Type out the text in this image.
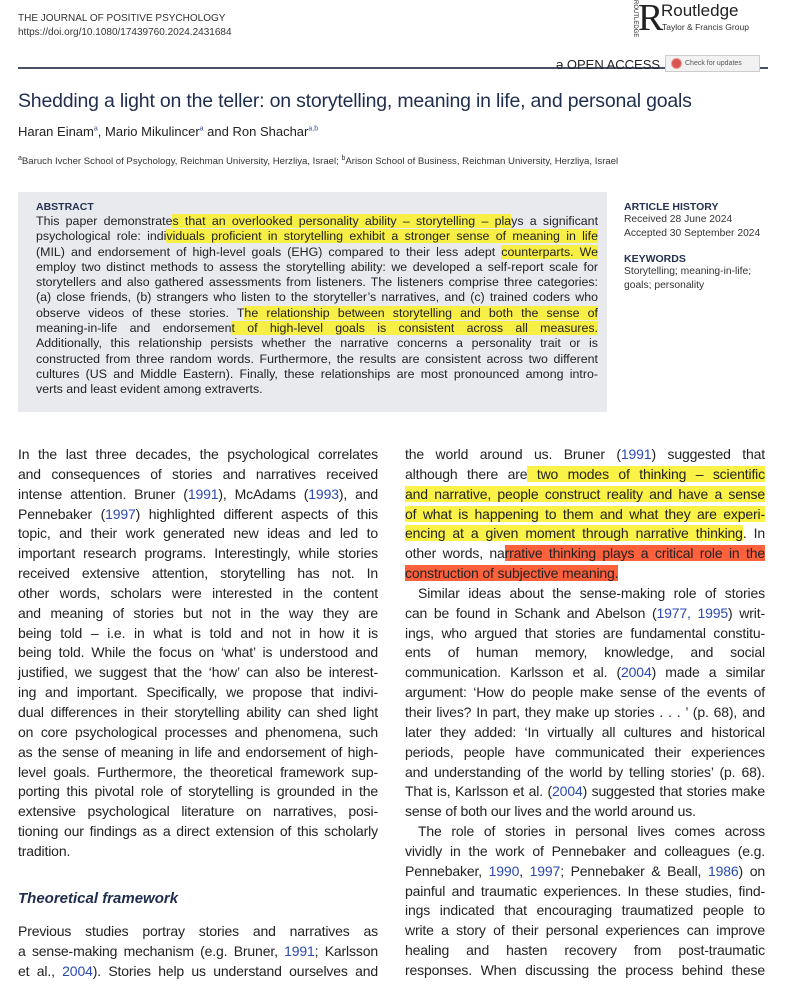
THE JOURNAL OF POSITIVE PSYCHOLOGY
https://doi.org/10.1080/17439760.2024.2431684	ROUTLEDGE R
Routledge
Taylor & Francis Group
ə OPEN ACCESS	Check for updates
Shedding a light on the teller: on storytelling, meaning in life, and personal goals
Haran Einam$^a$, Mario Mikulincer$^a$ and Ron Shachar$^{a,b}$
$^a$Baruch Ivcher School of Psychology, Reichman University, Herzliya, Israel; $^b$Arison School of Business, Reichman University, Herzliya, Israel
ABSTRACT
This paper demonstrates that an overlooked personality ability – storytelling – plays a significant
psychological role: individuals proficient in storytelling exhibit a stronger sense of meaning in life
(MIL) and endorsement of high-level goals (EHG) compared to their less adept counterparts. We
employ two distinct methods to assess the storytelling ability: we developed a self-report scale for
storytellers and also gathered assessments from listeners. The listeners comprise three categories:
(a) close friends, (b) strangers who listen to the storyteller’s narratives, and (c) trained coders who
observe videos of these stories. The relationship between storytelling and both the sense of
meaning-in-life and endorsement of high-level goals is consistent across all measures.
Additionally, this relationship persists whether the narrative concerns a personality trait or is
constructed from three random words. Furthermore, the results are consistent across two different
cultures (US and Middle Eastern). Finally, these relationships are most pronounced among intro-
verts and least evident among extraverts.
ARTICLE HISTORY
Received 28 June 2024
Accepted 30 September 2024
KEYWORDS
Storytelling; meaning-in-life;
goals; personality
In the last three decades, the psychological correlates
and consequences of stories and narratives received
intense attention. Bruner (1991), McAdams (1993), and
Pennebaker (1997) highlighted different aspects of this
topic, and their work generated new ideas and led to
important research programs. Interestingly, while stories
received extensive attention, storytelling has not. In
other words, scholars were interested in the content
and meaning of stories but not in the way they are
being told – i.e. in what is told and not in how it is
being told. While the focus on ‘what’ is understood and
justified, we suggest that the ‘how’ can also be interest-
ing and important. Specifically, we propose that indivi-
dual differences in their storytelling ability can shed light
on core psychological processes and phenomena, such
as the sense of meaning in life and endorsement of high-
level goals. Furthermore, the theoretical framework sup-
porting this pivotal role of storytelling is grounded in the
extensive psychological literature on narratives, posi-
tioning our findings as a direct extension of this scholarly
tradition.
Theoretical framework
Previous studies portray stories and narratives as
a sense-making mechanism (e.g. Bruner, 1991; Karlsson
et al., 2004). Stories help us understand ourselves and
the world around us. Bruner (1991) suggested that
although there are two modes of thinking – scientific
and narrative, people construct reality and have a sense
of what is happening to them and what they are experi-
encing at a given moment through narrative thinking. In
other words, narrative thinking plays a critical role in the
construction of subjective meaning.
Similar ideas about the sense-making role of stories
can be found in Schank and Abelson (1977, 1995) writ-
ings, who argued that stories are fundamental constitu-
ents of human memory, knowledge, and social
communication. Karlsson et al. (2004) made a similar
argument: ‘How do people make sense of the events of
their lives? In part, they make up stories . . . ’ (p. 68), and
later they added: ‘In virtually all cultures and historical
periods, people have communicated their experiences
and understanding of the world by telling stories’ (p. 68).
That is, Karlsson et al. (2004) suggested that stories make
sense of both our lives and the world around us.
The role of stories in personal lives comes across
vividly in the work of Pennebaker and colleagues (e.g.
Pennebaker, 1990, 1997; Pennebaker & Beall, 1986) on
painful and traumatic experiences. In these studies, find-
ings indicated that encouraging traumatized people to
write a story of their personal experiences can improve
healing and hasten recovery from post-traumatic
responses. When discussing the process behind these
